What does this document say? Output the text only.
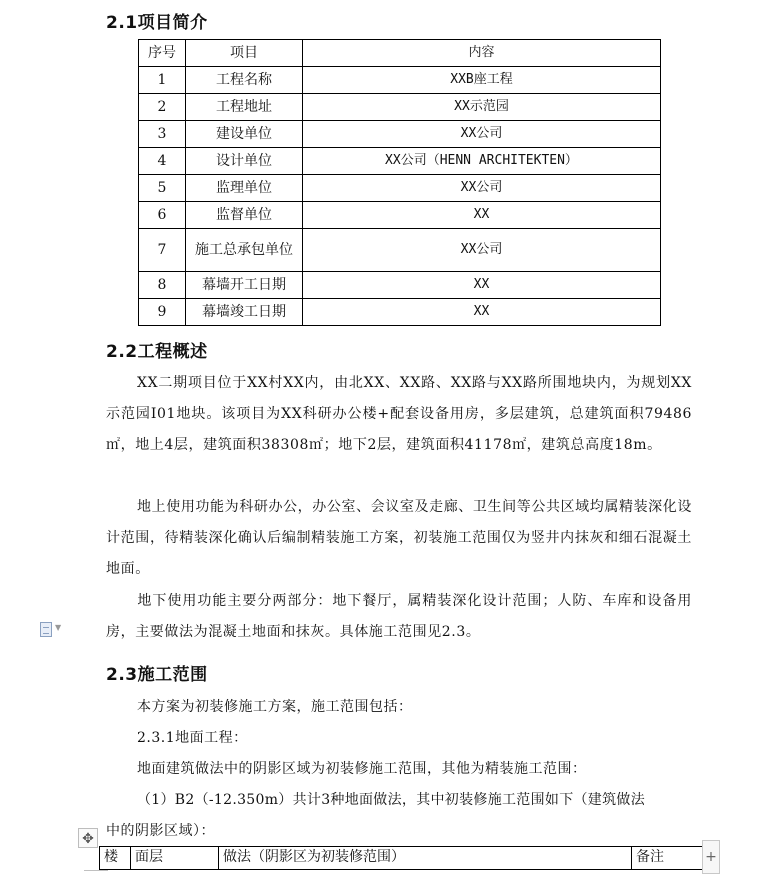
2.1项目简介
序号	项目	内容
1	工程名称	XXB座工程
2	工程地址	XX示范园
3	建设单位	XX公司
4	设计单位	XX公司（HENN ARCHITEKTEN）
5	监理单位	XX公司
6	监督单位	XX
7	施工总承包单位	XX公司
8	幕墙开工日期	XX
9	幕墙竣工日期	XX
2.2工程概述

XX二期项目位于XX村XX内，由北XX、XX路、XX路与XX路所围地块内，为规划XX示范园I01地块。该项目为XX科研办公楼+配套设备用房，多层建筑，总建筑面积79486㎡，地上4层，建筑面积38308㎡；地下2层，建筑面积41178㎡，建筑总高度18m。

地上使用功能为科研办公，办公室、会议室及走廊、卫生间等公共区域均属精装深化设计范围，待精装深化确认后编制精装施工方案，初装施工范围仅为竖井内抹灰和细石混凝土地面。

地下使用功能主要分两部分：地下餐厅，属精装深化设计范围；人防、车库和设备用房，主要做法为混凝土地面和抹灰。具体施工范围见2.3。

▼
2.3施工范围

本方案为初装修施工方案，施工范围包括：

2.3.1地面工程：

地面建筑做法中的阴影区域为初装修施工范围，其他为精装施工范围：

（1）B2（-12.350m）共计3种地面做法，其中初装修施工范围如下（建筑做法

中的阴影区域）：

✥
楼	面层	做法（阴影区为初装修范围）	备注	+
